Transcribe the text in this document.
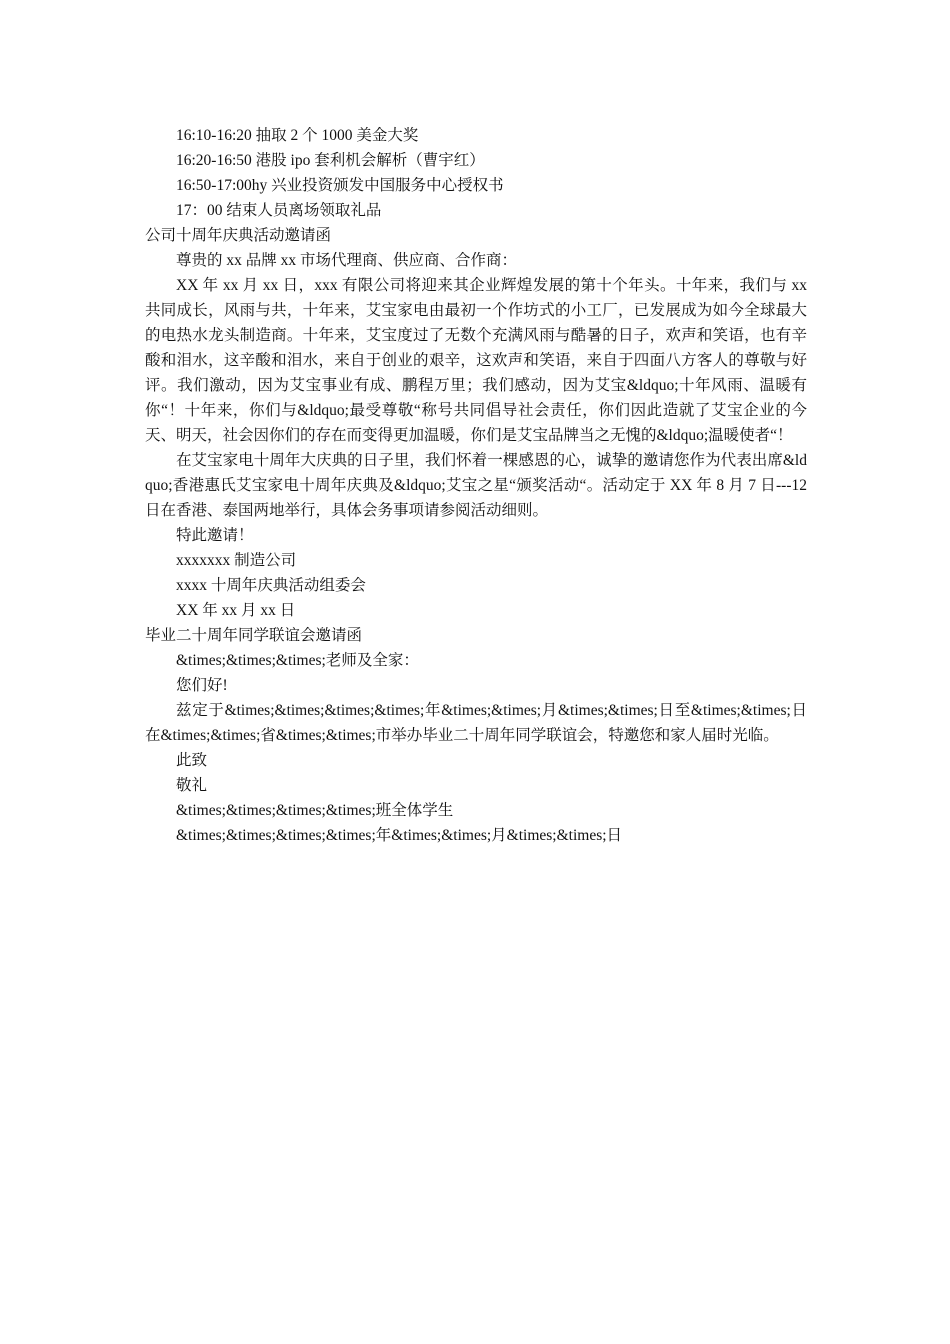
16:10-16:20 抽取 2 个 1000 美金大奖

16:20-16:50 港股 ipo 套利机会解析（曹宇红）

16:50-17:00hy 兴业投资颁发中国服务中心授权书

17：00 结束人员离场领取礼品

公司十周年庆典活动邀请函

尊贵的 xx 品牌 xx 市场代理商、供应商、合作商：

XX 年 xx 月 xx 日，xxx 有限公司将迎来其企业辉煌发展的第十个年头。十年来，我们与 xx 共同成长，风雨与共，十年来，艾宝家电由最初一个作坊式的小工厂，已发展成为如今全球最大的电热水龙头制造商。十年来，艾宝度过了无数个充满风雨与酷暑的日子，欢声和笑语，也有辛酸和泪水，这辛酸和泪水，来自于创业的艰辛，这欢声和笑语，来自于四面八方客人的尊敬与好评。我们激动，因为艾宝事业有成、鹏程万里；我们感动，因为艾宝&ldquo;十年风雨、温暖有你“！十年来，你们与&ldquo;最受尊敬“称号共同倡导社会责任，你们因此造就了艾宝企业的今天、明天，社会因你们的存在而变得更加温暖，你们是艾宝品牌当之无愧的&ldquo;温暖使者“！

在艾宝家电十周年大庆典的日子里，我们怀着一棵感恩的心，诚挚的邀请您作为代表出席&ldquo;香港惠氏艾宝家电十周年庆典及&ldquo;艾宝之星“颁奖活动“。活动定于 XX 年 8 月 7 日---12 日在香港、泰国两地举行，具体会务事项请参阅活动细则。

特此邀请！

xxxxxxx 制造公司

xxxx 十周年庆典活动组委会

XX 年 xx 月 xx 日

毕业二十周年同学联谊会邀请函

&times;&times;&times;老师及全家：

您们好!

兹定于&times;&times;&times;&times;年&times;&times;月&times;&times;日至&times;&times;日在&times;&times;省&times;&times;市举办毕业二十周年同学联谊会，特邀您和家人届时光临。

此致

敬礼

&times;&times;&times;&times;班全体学生

&times;&times;&times;&times;年&times;&times;月&times;&times;日
